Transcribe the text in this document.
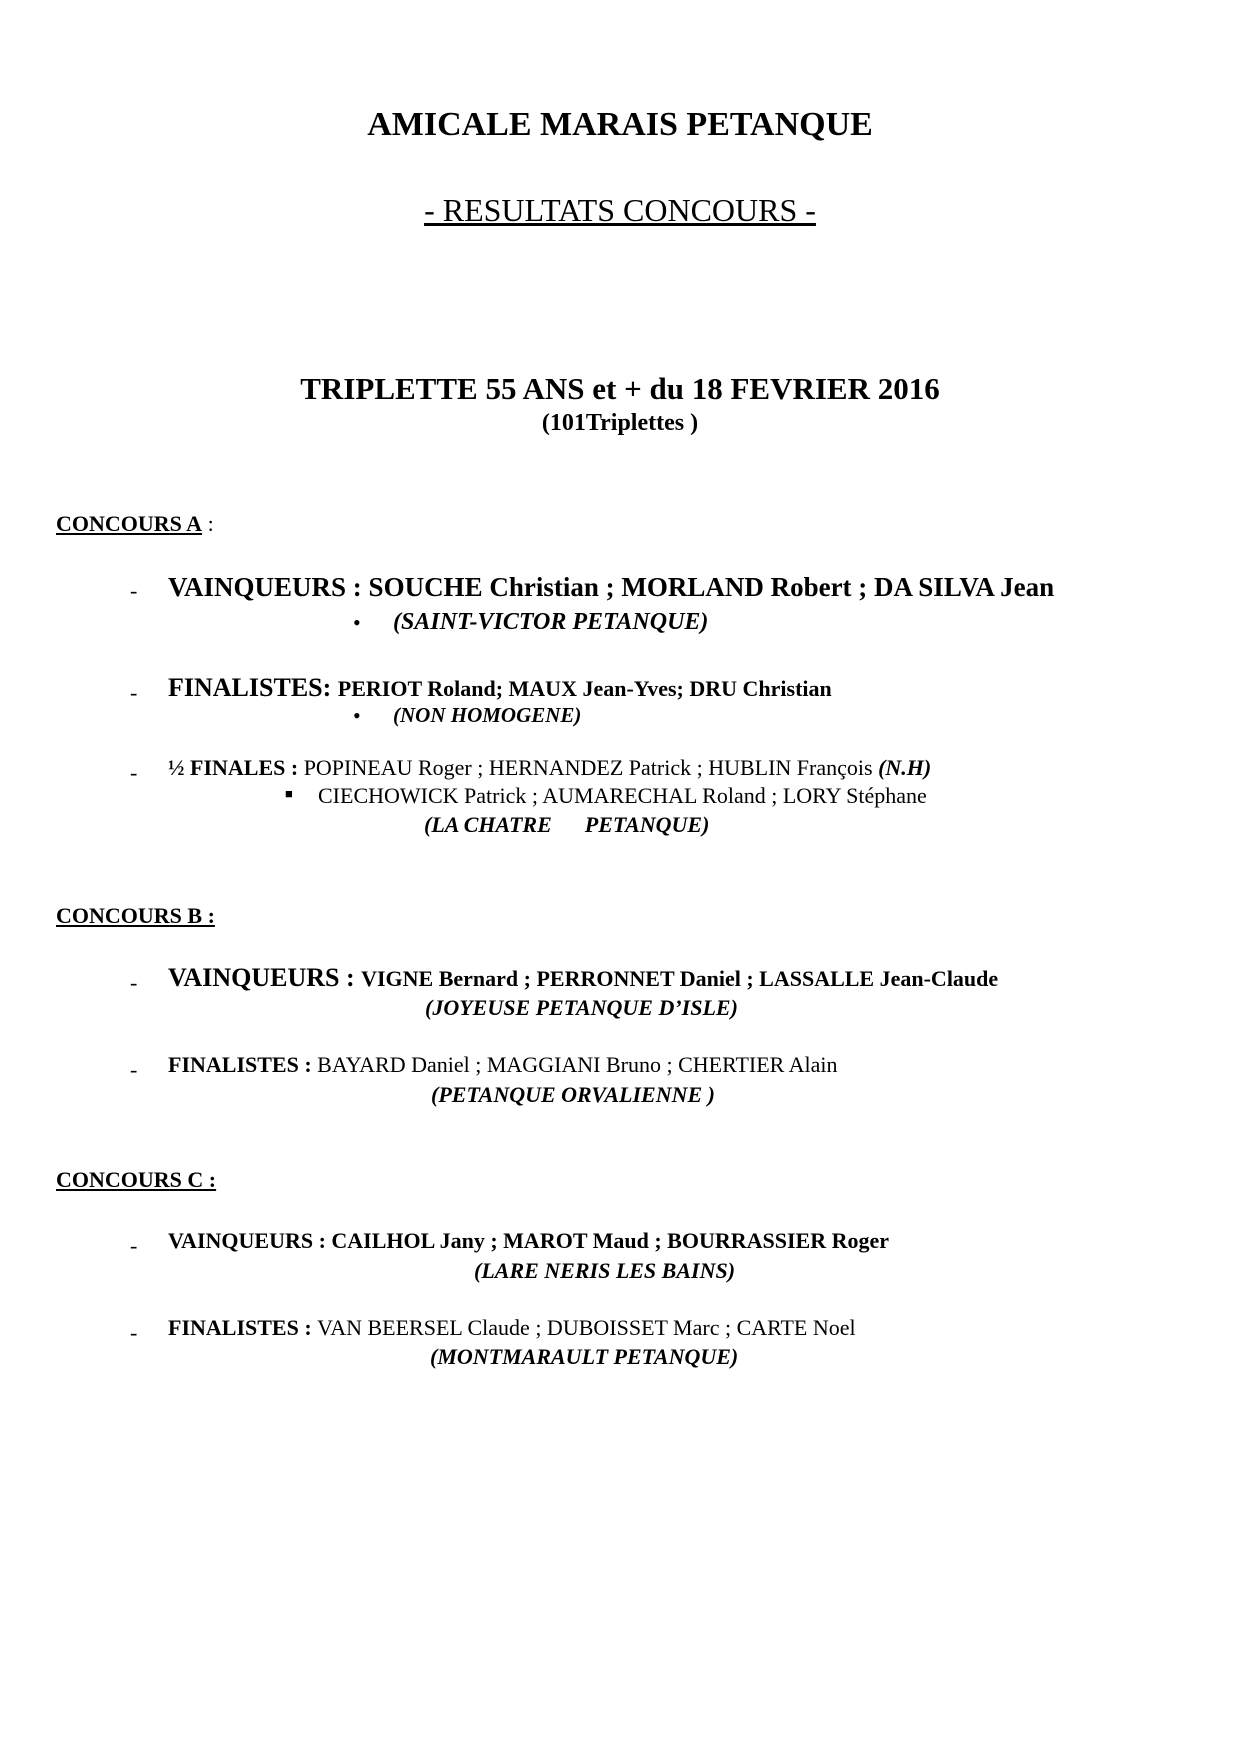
AMICALE MARAIS PETANQUE
- RESULTATS CONCOURS -
TRIPLETTE 55 ANS et + du 18 FEVRIER 2016
(101Triplettes )
CONCOURS A :
- VAINQUEURS : SOUCHE Christian ; MORLAND Robert ; DA SILVA Jean
• (SAINT-VICTOR PETANQUE)
- FINALISTES: PERIOT Roland; MAUX Jean-Yves; DRU Christian
• (NON HOMOGENE)
- ½ FINALES : POPINEAU Roger ; HERNANDEZ Patrick ; HUBLIN François (N.H)
■ CIECHOWICK Patrick ; AUMARECHAL Roland ; LORY Stéphane
(LA CHATRE      PETANQUE)
CONCOURS B :
- VAINQUEURS : VIGNE Bernard ; PERRONNET Daniel ; LASSALLE Jean-Claude
(JOYEUSE PETANQUE D’ISLE)
- FINALISTES : BAYARD Daniel ; MAGGIANI Bruno ; CHERTIER Alain
(PETANQUE ORVALIENNE )
CONCOURS C :
- VAINQUEURS : CAILHOL Jany ; MAROT Maud ; BOURRASSIER Roger
(LARE NERIS LES BAINS)
- FINALISTES : VAN BEERSEL Claude ; DUBOISSET Marc ; CARTE Noel
(MONTMARAULT PETANQUE)
